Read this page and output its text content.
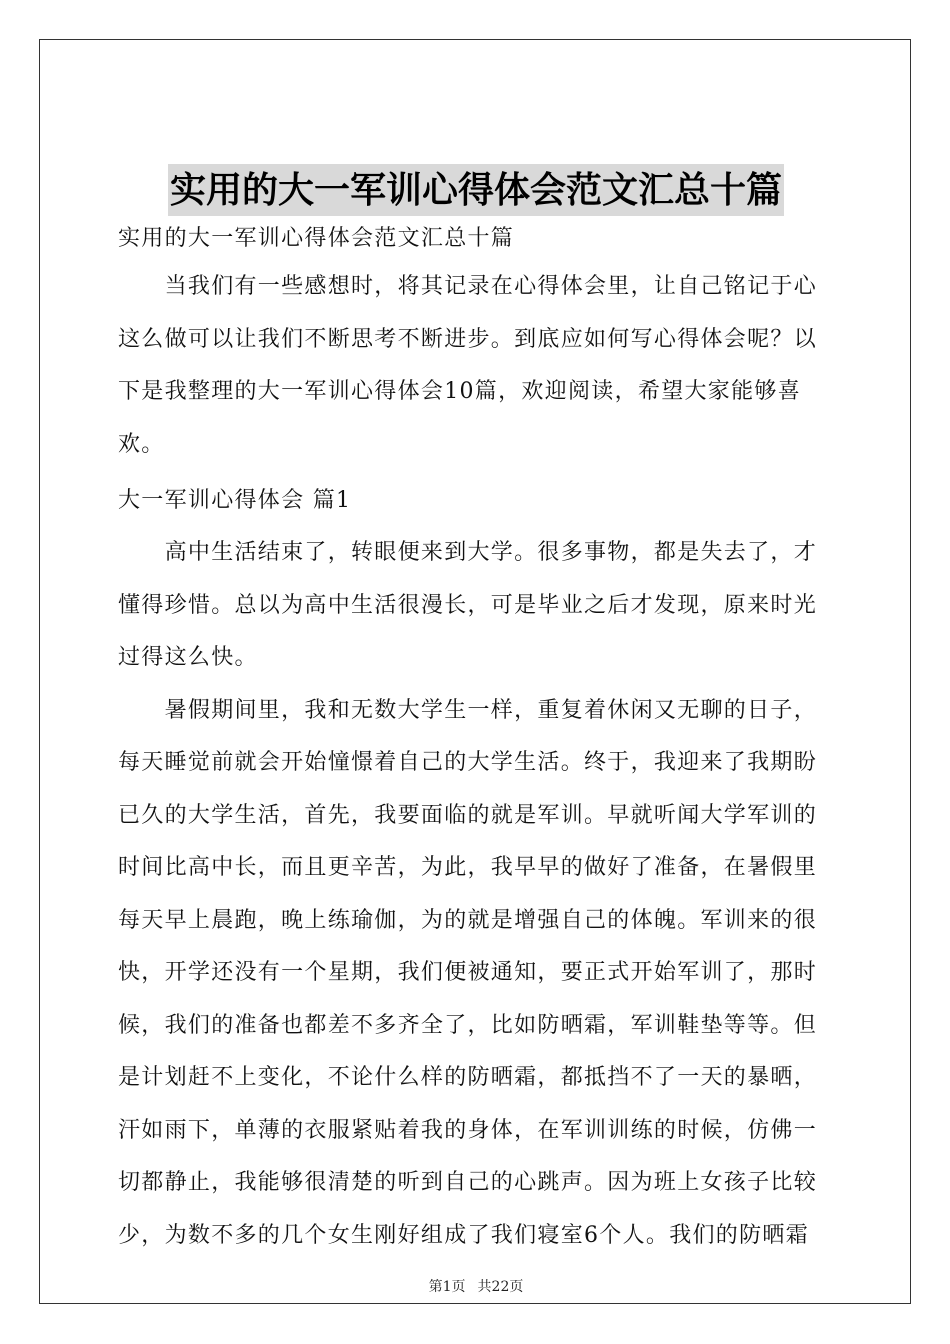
实用的大一军训心得体会范文汇总十篇

实用的大一军训心得体会范文汇总十篇

　　当我们有一些感想时，将其记录在心得体会里，让自己铭记于心

这么做可以让我们不断思考不断进步。到底应如何写心得体会呢？以

下是我整理的大一军训心得体会10篇，欢迎阅读，希望大家能够喜

欢。

大一军训心得体会 篇1

　　高中生活结束了，转眼便来到大学。很多事物，都是失去了，才

懂得珍惜。总以为高中生活很漫长，可是毕业之后才发现，原来时光

过得这么快。

　　暑假期间里，我和无数大学生一样，重复着休闲又无聊的日子，

每天睡觉前就会开始憧憬着自己的大学生活。终于，我迎来了我期盼

已久的大学生活，首先，我要面临的就是军训。早就听闻大学军训的

时间比高中长，而且更辛苦，为此，我早早的做好了准备，在暑假里

每天早上晨跑，晚上练瑜伽，为的就是增强自己的体魄。军训来的很

快，开学还没有一个星期，我们便被通知，要正式开始军训了，那时

候，我们的准备也都差不多齐全了，比如防晒霜，军训鞋垫等等。但

是计划赶不上变化，不论什么样的防晒霜，都抵挡不了一天的暴晒，

汗如雨下，单薄的衣服紧贴着我的身体，在军训训练的时候，仿佛一

切都静止，我能够很清楚的听到自己的心跳声。因为班上女孩子比较

少，为数不多的几个女生刚好组成了我们寝室6个人。我们的防晒霜

第1页 共22页
